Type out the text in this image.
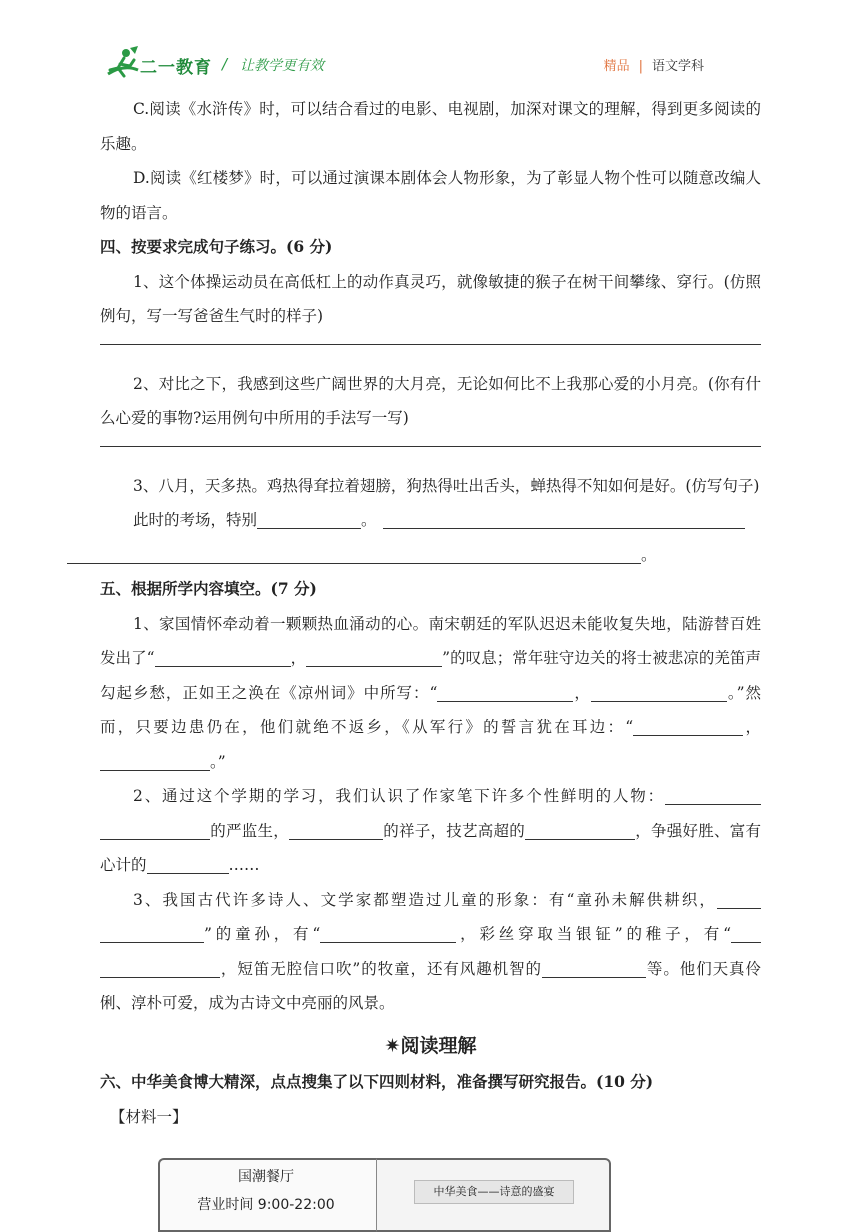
二一教育 / 让教学更有效	精品 | 语文学科

C.阅读《水浒传》时，可以结合看过的电影、电视剧，加深对课文的理解，得到更多阅读的乐趣。

D.阅读《红楼梦》时，可以通过演课本剧体会人物形象，为了彰显人物个性可以随意改编人物的语言。

四、按要求完成句子练习。(6 分)

1、这个体操运动员在高低杠上的动作真灵巧，就像敏捷的猴子在树干间攀缘、穿行。(仿照例句，写一写爸爸生气时的样子)

2、对比之下，我感到这些广阔世界的大月亮，无论如何比不上我那心爱的小月亮。(你有什么心爱的事物?运用例句中所用的手法写一写)

3、八月，天多热。鸡热得耷拉着翅膀，狗热得吐出舌头，蝉热得不知如何是好。(仿写句子)

此时的考场，特别	。
。

五、根据所学内容填空。(7 分)

1、家国情怀牵动着一颗颗热血涌动的心。南宋朝廷的军队迟迟未能收复失地，陆游替百姓发出了“	，	”的叹息；常年驻守边关的将士被悲凉的羌笛声勾起乡愁，正如王之涣在《凉州词》中所写：“	，	。”然而，只要边患仍在，他们就绝不返乡，《从军行》的誓言犹在耳边：“	，。”

2、通过这个学期的学习，我们认识了作家笔下许多个性鲜明的人物：的严监生，	的祥子，技艺高超的	，争强好胜、富有心计的	……

3、我国古代许多诗人、文学家都塑造过儿童的形象：有“童孙未解供耕织，”的童孙，有“	，彩丝穿取当银钲”的稚子，有“，短笛无腔信口吹”的牧童，还有风趣机智的	等。他们天真伶俐、淳朴可爱，成为古诗文中亮丽的风景。

✷阅读理解

六、中华美食博大精深，点点搜集了以下四则材料，准备撰写研究报告。(10 分)

【材料一】

国潮餐厅
营业时间 9:00-22:00
中华美食——诗意的盛宴
